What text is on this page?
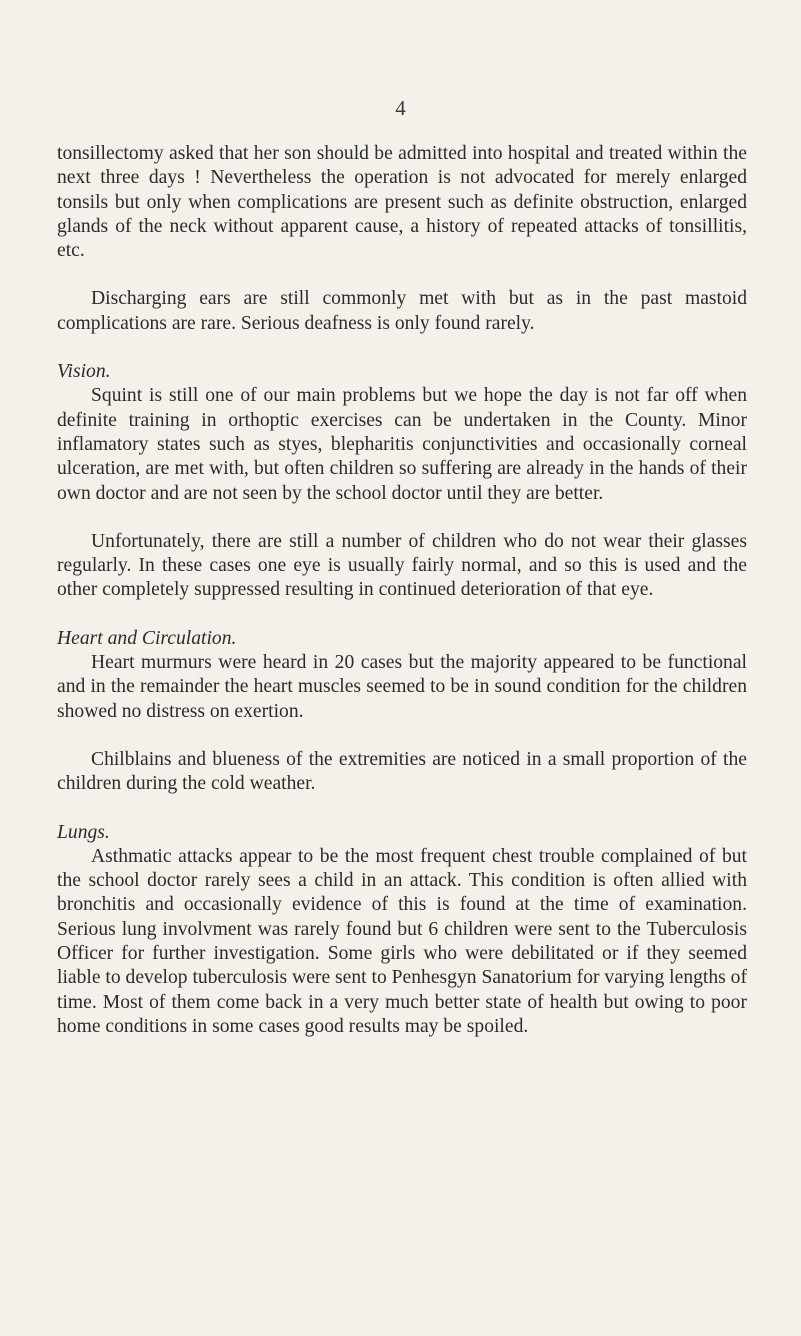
4

tonsillectomy asked that her son should be admitted into hospital and treated within the next three days ! Nevertheless the operation is not advocated for merely enlarged tonsils but only when complications are present such as definite obstruction, enlarged glands of the neck without apparent cause, a history of repeated attacks of tonsillitis, etc.

Discharging ears are still commonly met with but as in the past mastoid complications are rare. Serious deafness is only found rarely.

Vision.

Squint is still one of our main problems but we hope the day is not far off when definite training in orthoptic exercises can be undertaken in the County. Minor inflamatory states such as styes, blepharitis conjunctivities and occasionally corneal ulceration, are met with, but often children so suffering are already in the hands of their own doctor and are not seen by the school doctor until they are better.

Unfortunately, there are still a number of children who do not wear their glasses regularly. In these cases one eye is usually fairly normal, and so this is used and the other completely suppressed resulting in continued deterioration of that eye.

Heart and Circulation.

Heart murmurs were heard in 20 cases but the majority appeared to be functional and in the remainder the heart muscles seemed to be in sound condition for the children showed no distress on exertion.

Chilblains and blueness of the extremities are noticed in a small proportion of the children during the cold weather.

Lungs.

Asthmatic attacks appear to be the most frequent chest trouble complained of but the school doctor rarely sees a child in an attack. This condition is often allied with bronchitis and occasionally evidence of this is found at the time of examination. Serious lung involvment was rarely found but 6 children were sent to the Tuberculosis Officer for further investigation. Some girls who were debilitated or if they seemed liable to develop tuberculosis were sent to Penhesgyn Sanatorium for varying lengths of time. Most of them come back in a very much better state of health but owing to poor home conditions in some cases good results may be spoiled.
